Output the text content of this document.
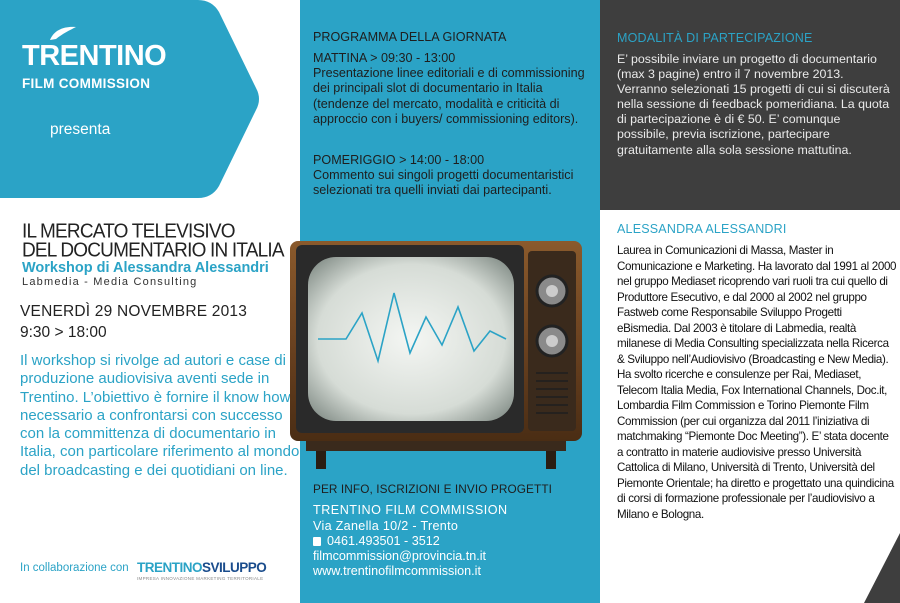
TRENTINO
FILM COMMISSION
presenta
IL MERCATO TELEVISIVO
DEL DOCUMENTARIO IN ITALIA
Workshop di Alessandra Alessandri
Labmedia - Media Consulting
VENERDÌ 29 NOVEMBRE 2013
9:30 > 18:00
Il workshop si rivolge ad autori e case di produzione audiovisiva aventi sede in Trentino. L’obiettivo è fornire il know how necessario a confrontarsi con successo con la committenza di documentario in Italia, con particolare riferimento al mondo del broadcasting e dei quotidiani on line.
In collaborazione con TRENTINOSVILUPPO
IMPRESA INNOVAZIONE MARKETING TERRITORIALE
PROGRAMMA DELLA GIORNATA
MATTINA > 09:30 - 13:00
Presentazione linee editoriali e di commissioning dei principali slot di documentario in Italia (tendenze del mercato, modalità e criticità di approccio con i buyers/ commissioning editors).
POMERIGGIO > 14:00 - 18:00
Commento sui singoli progetti documentaristici selezionati tra quelli inviati dai partecipanti.
PER INFO, ISCRIZIONI E INVIO PROGETTI
TRENTINO FILM COMMISSION
Via Zanella 10/2 - Trento
0461.493501 - 3512
filmcommission@provincia.tn.it
www.trentinofilmcommission.it
MODALITÀ DI PARTECIPAZIONE
E’ possibile inviare un progetto di documentario (max 3 pagine) entro il 7 novembre 2013. Verranno selezionati 15 progetti di cui si discuterà nella sessione di feedback pomeridiana. La quota di partecipazione è di € 50. E’ comunque possibile, previa iscrizione, partecipare gratuitamente alla sola sessione mattutina.
ALESSANDRA ALESSANDRI
Laurea in Comunicazioni di Massa, Master in Comunicazione e Marketing. Ha lavorato dal 1991 al 2000 nel gruppo Mediaset ricoprendo vari ruoli tra cui quello di Produttore Esecutivo, e dal 2000 al 2002 nel gruppo Fastweb come Responsabile Sviluppo Progetti eBismedia. Dal 2003 è titolare di Labmedia, realtà milanese di Media Consulting specializzata nella Ricerca & Sviluppo nell’Audiovisivo (Broadcasting e New Media). Ha svolto ricerche e consulenze per Rai, Mediaset, Telecom Italia Media, Fox International Channels, Doc.it, Lombardia Film Commission e Torino Piemonte Film Commission (per cui organizza dal 2011 l’iniziativa di matchmaking “Piemonte Doc Meeting”). E’ stata docente a contratto in materie audiovisive presso Università Cattolica di Milano, Università di Trento, Università del Piemonte Orientale; ha diretto e progettato una quindicina di corsi di formazione professionale per l’audiovisivo a Milano e Bologna.
